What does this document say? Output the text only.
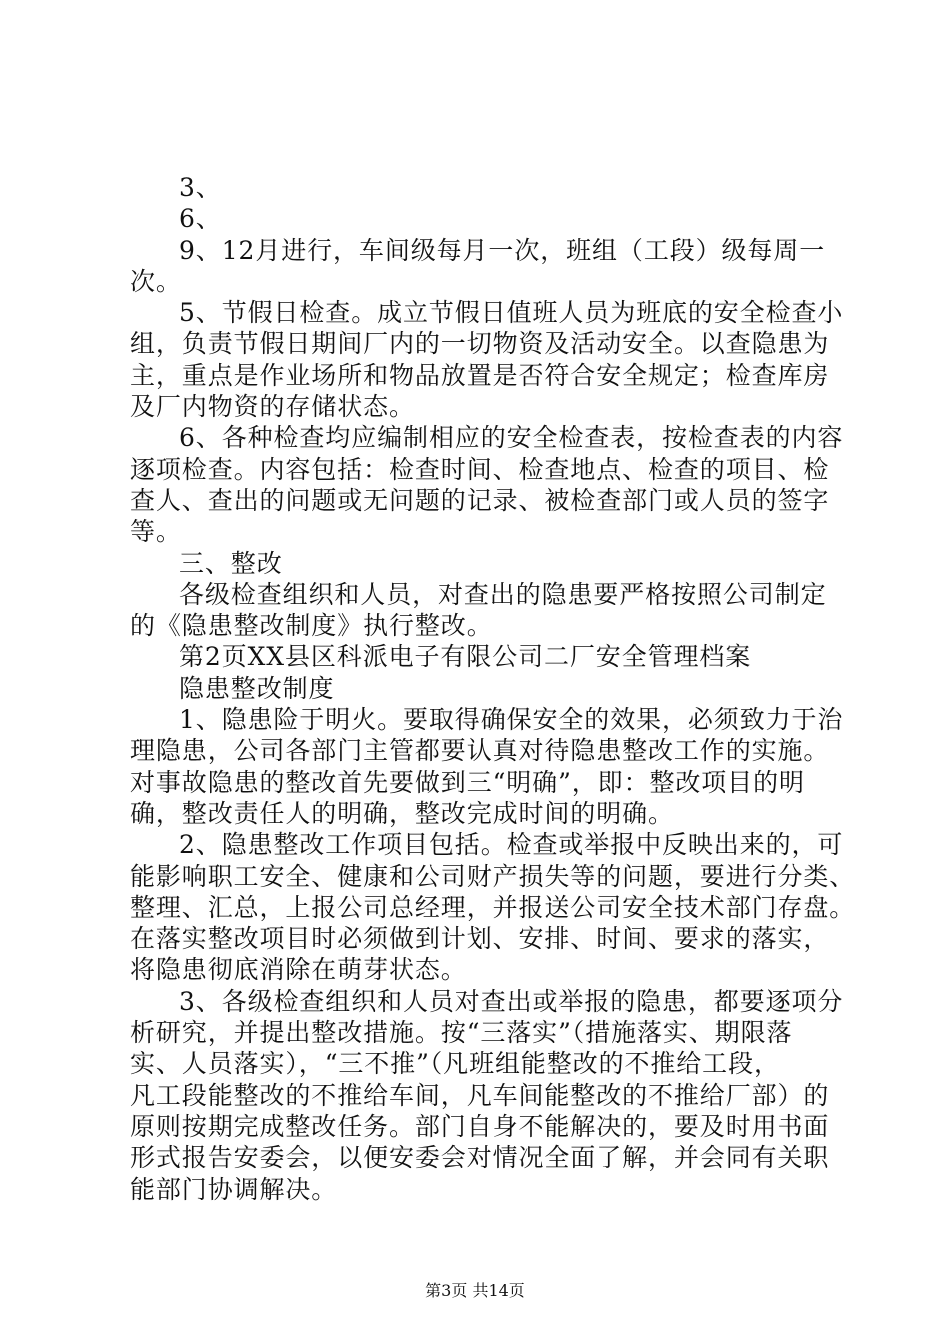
3、
6、
9、12月进行，车间级每月一次，班组（工段）级每周一
次。
5、节假日检查。成立节假日值班人员为班底的安全检查小
组，负责节假日期间厂内的一切物资及活动安全。以查隐患为
主，重点是作业场所和物品放置是否符合安全规定；检查库房
及厂内物资的存储状态。
6、各种检查均应编制相应的安全检查表，按检查表的内容
逐项检查。内容包括：检查时间、检查地点、检查的项目、检
查人、查出的问题或无问题的记录、被检查部门或人员的签字
等。
三、整改
各级检查组织和人员，对查出的隐患要严格按照公司制定
的《隐患整改制度》执行整改。
第2页XX县区科派电子有限公司二厂安全管理档案
隐患整改制度
1、隐患险于明火。要取得确保安全的效果，必须致力于治
理隐患，公司各部门主管都要认真对待隐患整改工作的实施。
对事故隐患的整改首先要做到三“明确”，即：整改项目的明
确，整改责任人的明确，整改完成时间的明确。
2、隐患整改工作项目包括。检查或举报中反映出来的，可
能影响职工安全、健康和公司财产损失等的问题，要进行分类、
整理、汇总，上报公司总经理，并报送公司安全技术部门存盘。
在落实整改项目时必须做到计划、安排、时间、要求的落实，
将隐患彻底消除在萌芽状态。
3、各级检查组织和人员对查出或举报的隐患，都要逐项分
析研究，并提出整改措施。按“三落实”（措施落实、期限落
实、人员落实），“三不推”（凡班组能整改的不推给工段，
凡工段能整改的不推给车间，凡车间能整改的不推给厂部）的
原则按期完成整改任务。部门自身不能解决的，要及时用书面
形式报告安委会，以便安委会对情况全面了解，并会同有关职
能部门协调解决。
第3页 共14页
